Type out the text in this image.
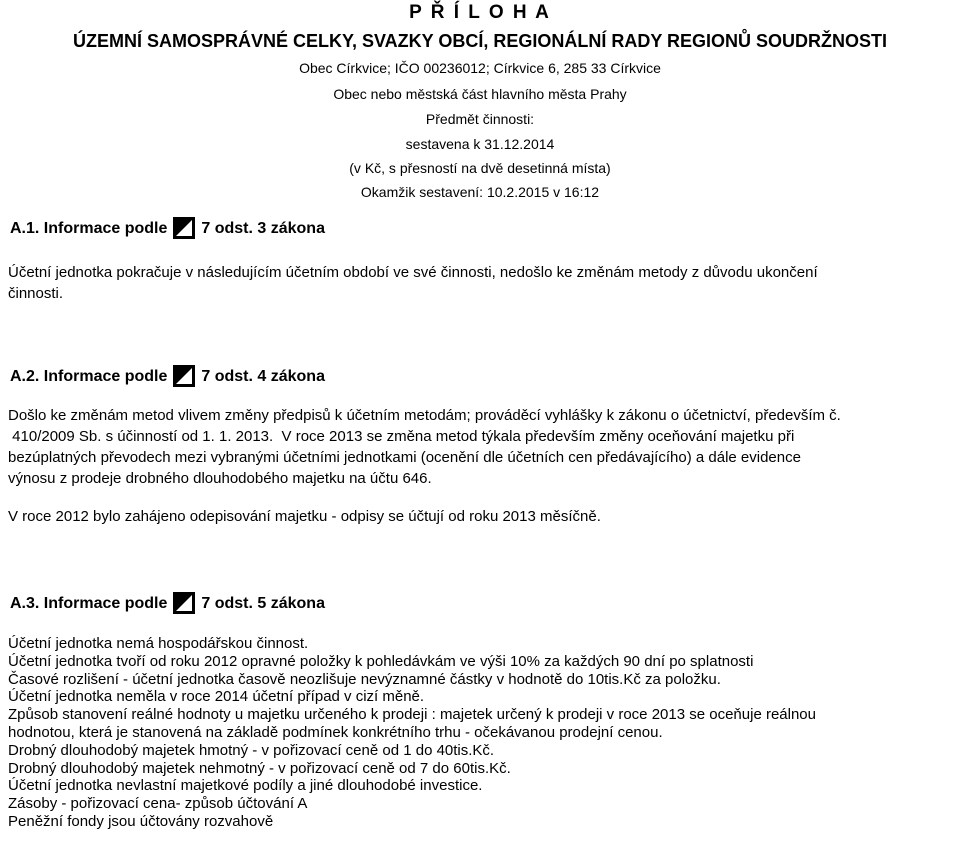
P Ř Í L O H A
ÚZEMNÍ SAMOSPRÁVNÉ CELKY, SVAZKY OBCÍ, REGIONÁLNÍ RADY REGIONŮ SOUDRŽNOSTI
Obec Církvice; IČO 00236012; Církvice 6, 285 33 Církvice
Obec nebo městská část hlavního města Prahy
Předmět činnosti:
sestavena k 31.12.2014
(v Kč, s přesností na dvě desetinná místa)
Okamžik sestavení: 10.2.2015 v 16:12
A.1. Informace podle 7 odst. 3 zákona
Účetní jednotka pokračuje v následujícím účetním období ve své činnosti, nedošlo ke změnám metody z důvodu ukončení
činnosti.
A.2. Informace podle 7 odst. 4 zákona
Došlo ke změnám metod vlivem změny předpisů k účetním metodám; prováděcí vyhlášky k zákonu o účetnictví, především č.
410/2009 Sb. s účinností od 1. 1. 2013.  V roce 2013 se změna metod týkala především změny oceňování majetku při
bezúplatných převodech mezi vybranými účetními jednotkami (ocenění dle účetních cen předávajícího) a dále evidence
výnosu z prodeje drobného dlouhodobého majetku na účtu 646.
V roce 2012 bylo zahájeno odepisování majetku - odpisy se účtují od roku 2013 měsíčně.
A.3. Informace podle 7 odst. 5 zákona
Účetní jednotka nemá hospodářskou činnost.
Účetní jednotka tvoří od roku 2012 opravné položky k pohledávkám ve výši 10% za každých 90 dní po splatnosti
Časové rozlišení - účetní jednotka časově neozlišuje nevýznamné částky v hodnotě do 10tis.Kč za položku.
Účetní jednotka neměla v roce 2014 účetní případ v cizí měně.
Způsob stanovení reálné hodnoty u majetku určeného k prodeji : majetek určený k prodeji v roce 2013 se oceňuje reálnou
hodnotou, která je stanovená na základě podmínek konkrétního trhu - očekávanou prodejní cenou.
Drobný dlouhodobý majetek hmotný - v pořizovací ceně od 1 do 40tis.Kč.
Drobný dlouhodobý majetek nehmotný - v pořizovací ceně od 7 do 60tis.Kč.
Účetní jednotka nevlastní majetkové podíly a jiné dlouhodobé investice.
Zásoby - pořizovací cena- způsob účtování A
Peněžní fondy jsou účtovány rozvahově
